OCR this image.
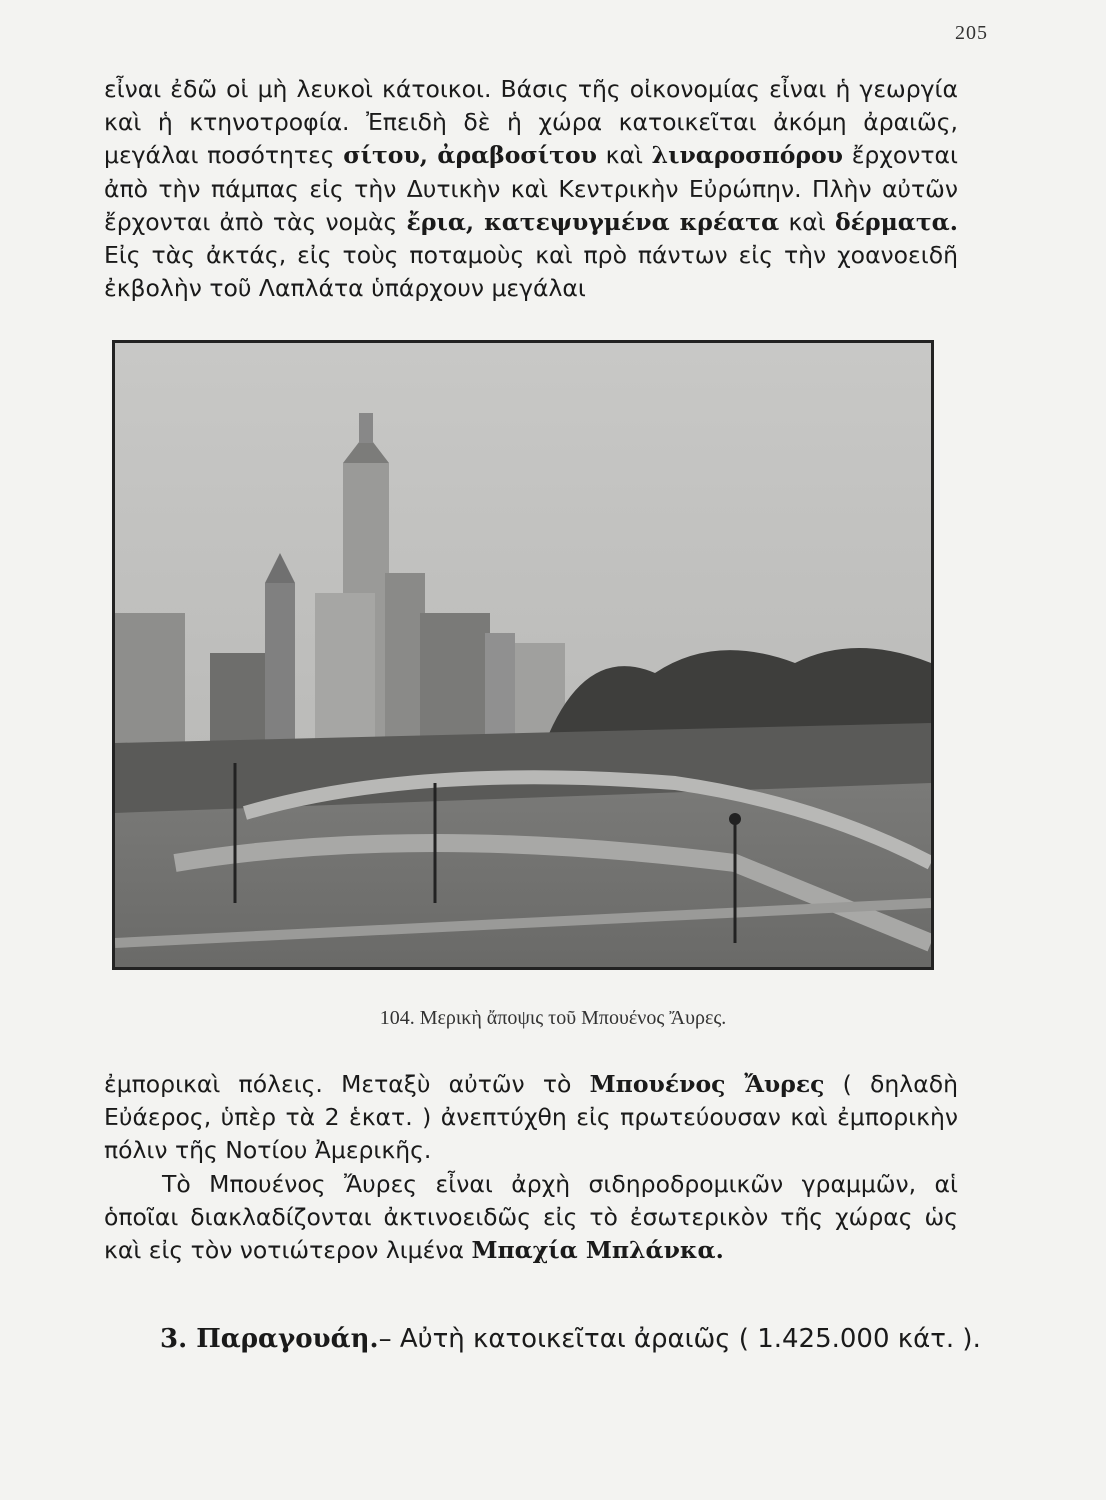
205

εἶναι ἐδῶ οἱ μὴ λευκοὶ κάτοικοι. Βάσις τῆς οἰκονομίας εἶναι ἡ γεωργία καὶ ἡ κτηνοτροφία. Ἐπειδὴ δὲ ἡ χώρα κατοικεῖται ἀκόμη ἀραιῶς, μεγάλαι ποσότητες σίτου, ἀραβοσίτου καὶ λιναροσπόρου ἔρχονται ἀπὸ τὴν πάμπας εἰς τὴν Δυτικὴν καὶ Κεντρικὴν Εὐρώπην. Πλὴν αὐτῶν ἔρχονται ἀπὸ τὰς νομὰς ἔρια, κατεψυγμένα κρέατα καὶ δέρματα. Εἰς τὰς ἀκτάς, εἰς τοὺς ποταμοὺς καὶ πρὸ πάντων εἰς τὴν χοανοειδῆ ἐκβολὴν τοῦ Λαπλάτα ὑπάρχουν μεγάλαι

104. Μερικὴ ἄποψις τοῦ Μπουένος Ἄυρες.

ἐμπορικαὶ πόλεις. Μεταξὺ αὐτῶν τὸ Μπουένος Ἄυρες ( δηλαδὴ Εὐάερος, ὑπὲρ τὰ 2 ἑκατ. ) ἀνεπτύχθη εἰς πρωτεύουσαν καὶ ἐμπορικὴν πόλιν τῆς Νοτίου Ἀμερικῆς.

Τὸ Μπουένος Ἄυρες εἶναι ἀρχὴ σιδηροδρομικῶν γραμμῶν, αἱ ὁποῖαι διακλαδίζονται ἀκτινοειδῶς εἰς τὸ ἐσωτερικὸν τῆς χώρας ὡς καὶ εἰς τὸν νοτιώτερον λιμένα Μπαχία Μπλάνκα.

3. Παραγουάη.– Αὐτὴ κατοικεῖται ἀραιῶς ( 1.425.000 κάτ. ).
